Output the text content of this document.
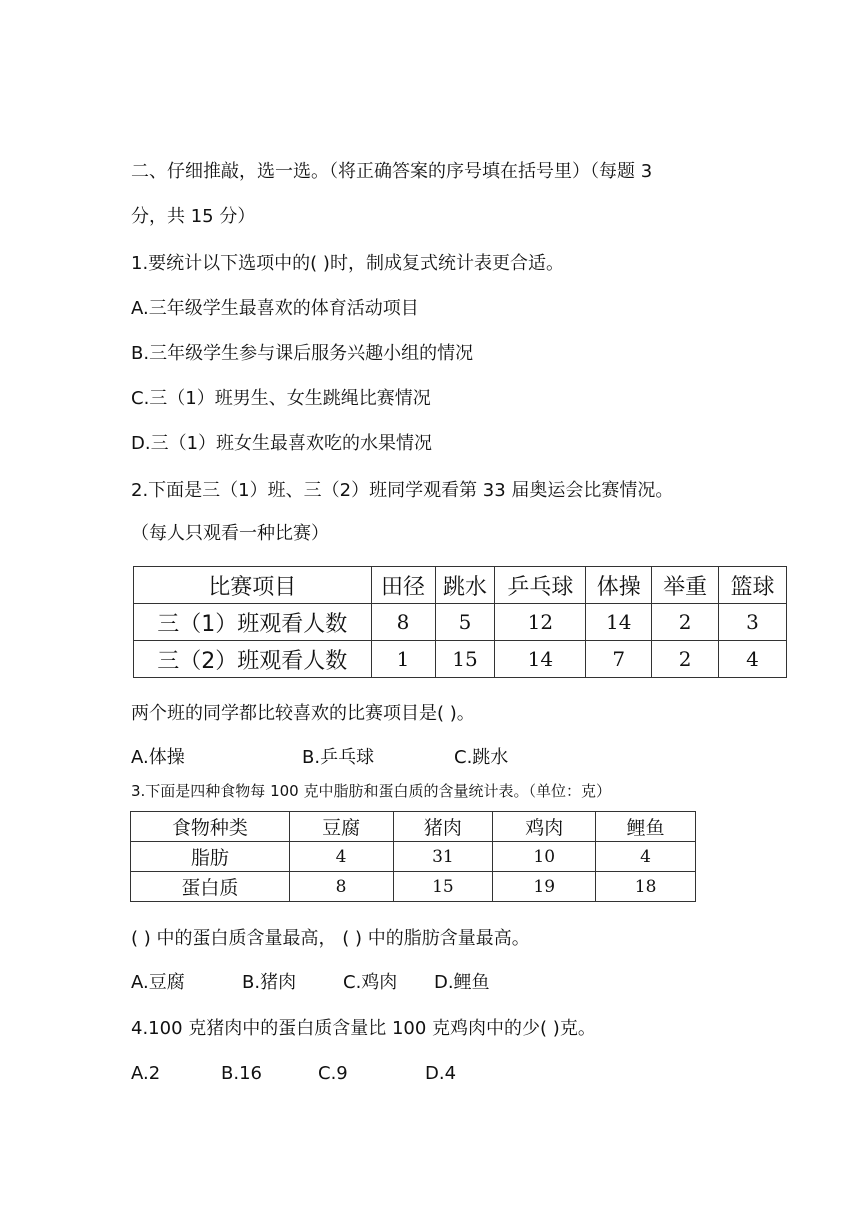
二、仔细推敲，选一选。（将正确答案的序号填在括号里）（每题 3
分，共 15 分）
1.要统计以下选项中的( )时，制成复式统计表更合适。
A.三年级学生最喜欢的体育活动项目
B.三年级学生参与课后服务兴趣小组的情况
C.三（1）班男生、女生跳绳比赛情况
D.三（1）班女生最喜欢吃的水果情况
2.下面是三（1）班、三（2）班同学观看第 33 届奥运会比赛情况。
（每人只观看一种比赛）
比赛项目	田径	跳水	乒乓球	体操	举重	篮球
三（1）班观看人数	8	5	12	14	2	3
三（2）班观看人数	1	15	14	7	2	4
两个班的同学都比较喜欢的比赛项目是( )。
A.体操	B.乒乓球	C.跳水
3.下面是四种食物每 100 克中脂肪和蛋白质的含量统计表。（单位：克）
食物种类	豆腐	猪肉	鸡肉	鲤鱼
脂肪	4	31	10	4
蛋白质	8	15	19	18
( ) 中的蛋白质含量最高， ( ) 中的脂肪含量最高。
A.豆腐	B.猪肉	C.鸡肉 D.鲤鱼
4.100 克猪肉中的蛋白质含量比 100 克鸡肉中的少( )克。
A.2	B.16	C.9	D.4
